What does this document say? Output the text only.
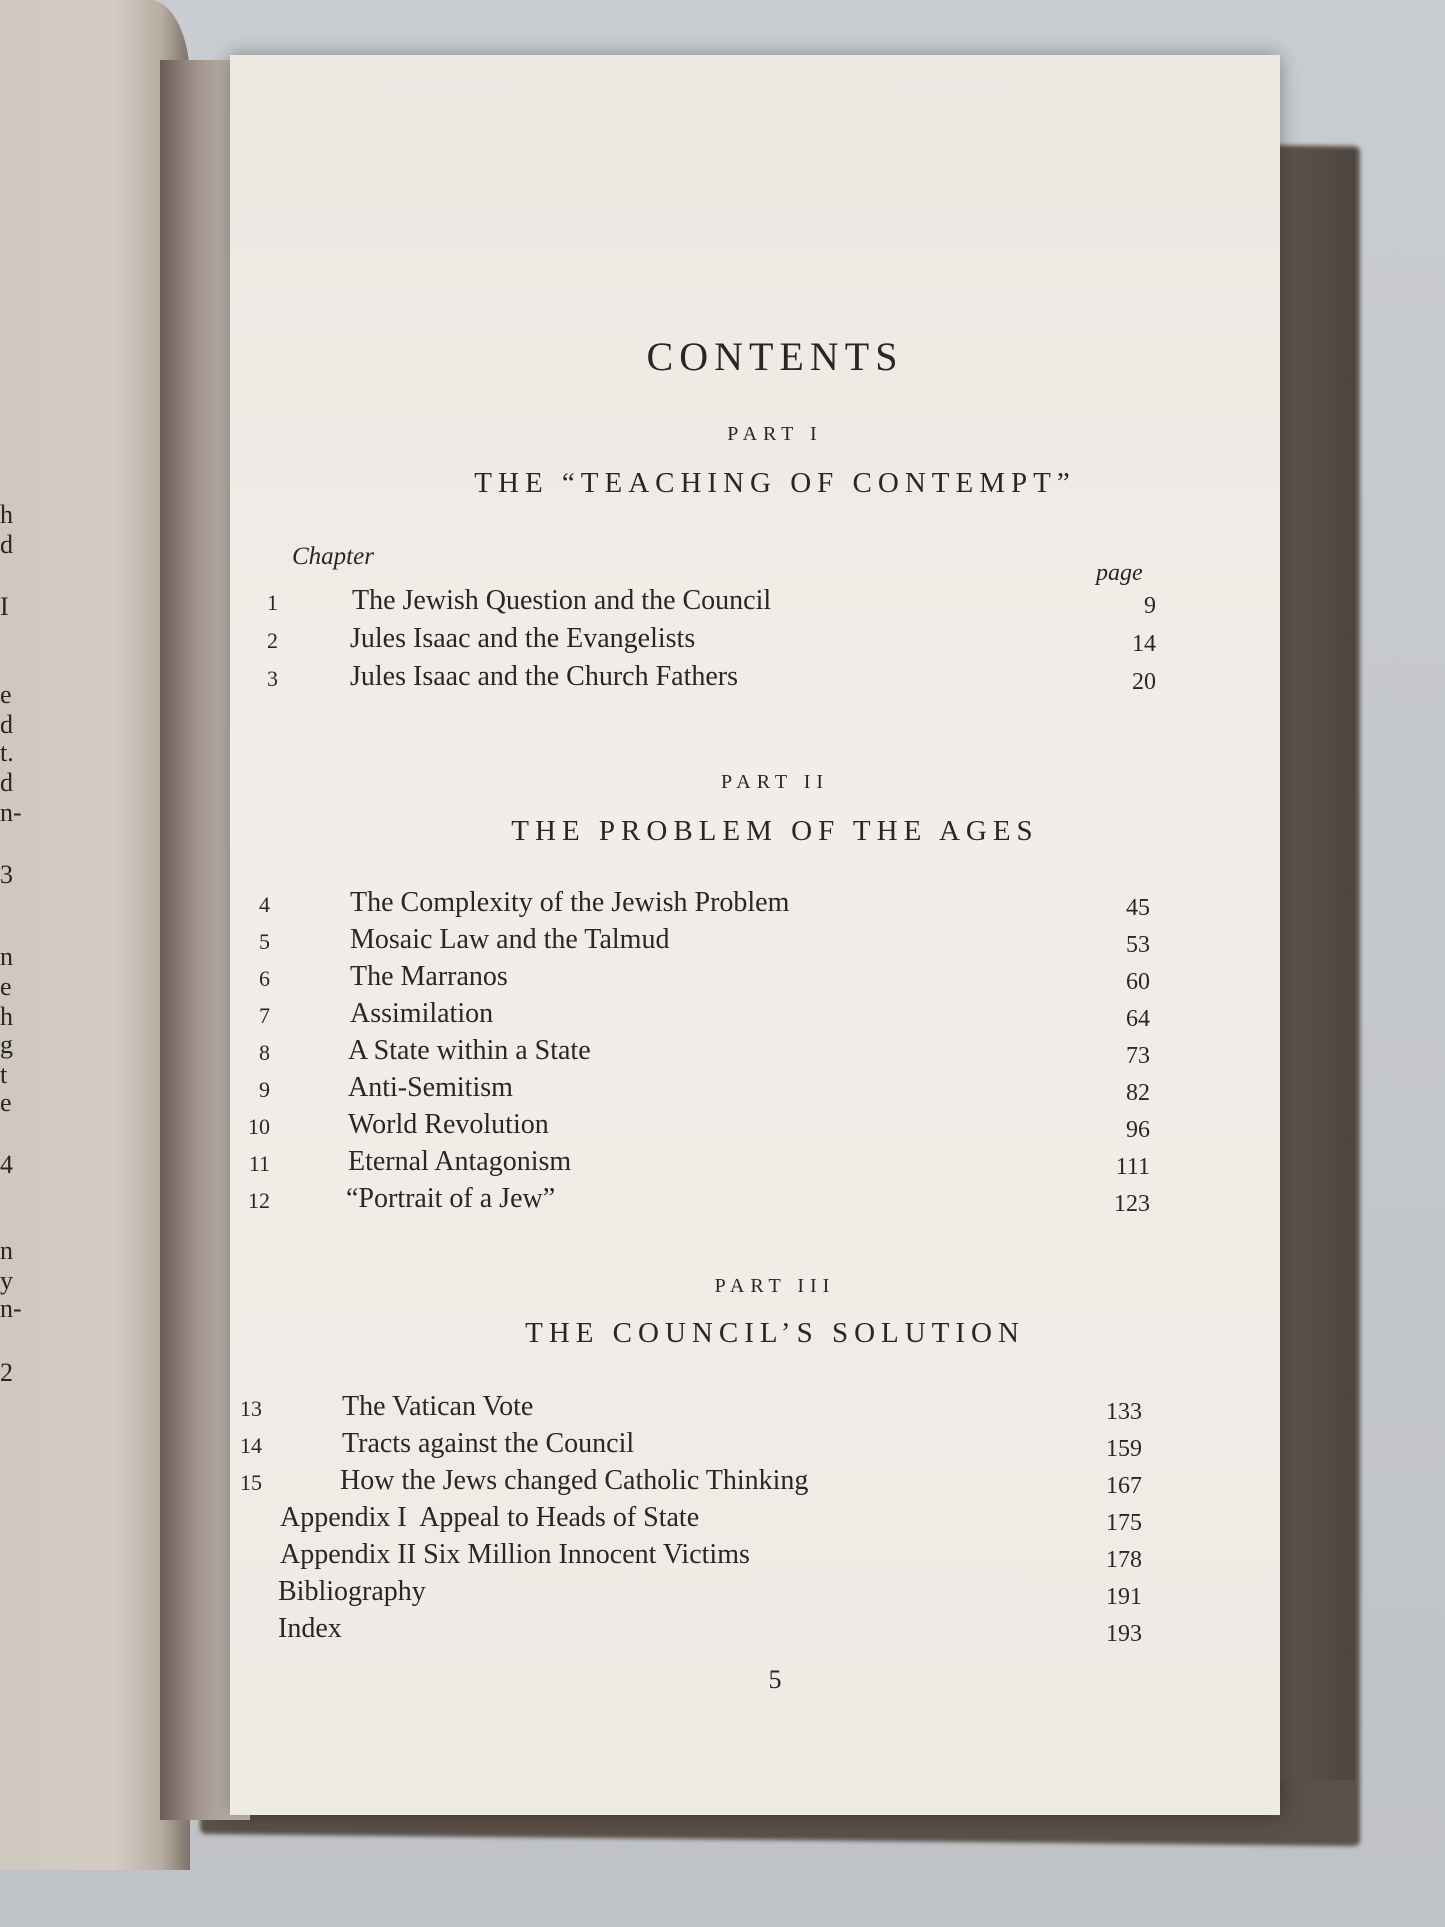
h
d
I
e
d
t.
d
n-
3
n
e
h
g
t
e
4
n
y
n-
2
CONTENTS
PART I
THE “TEACHING OF CONTEMPT”
Chapter
page
1	The Jewish Question and the Council	9
2	Jules Isaac and the Evangelists	14
3	Jules Isaac and the Church Fathers	20
PART II
THE PROBLEM OF THE AGES
4	The Complexity of the Jewish Problem	45
5	Mosaic Law and the Talmud	53
6	The Marranos	60
7	Assimilation	64
8	A State within a State	73
9	Anti-Semitism	82
10	World Revolution	96
11	Eternal Antagonism	111
12	“Portrait of a Jew”	123
PART III
THE COUNCIL’S SOLUTION
13	The Vatican Vote	133
14	Tracts against the Council	159
15	How the Jews changed Catholic Thinking	167
Appendix I  Appeal to Heads of State	175
Appendix II Six Million Innocent Victims	178
Bibliography	191
Index	193
5
